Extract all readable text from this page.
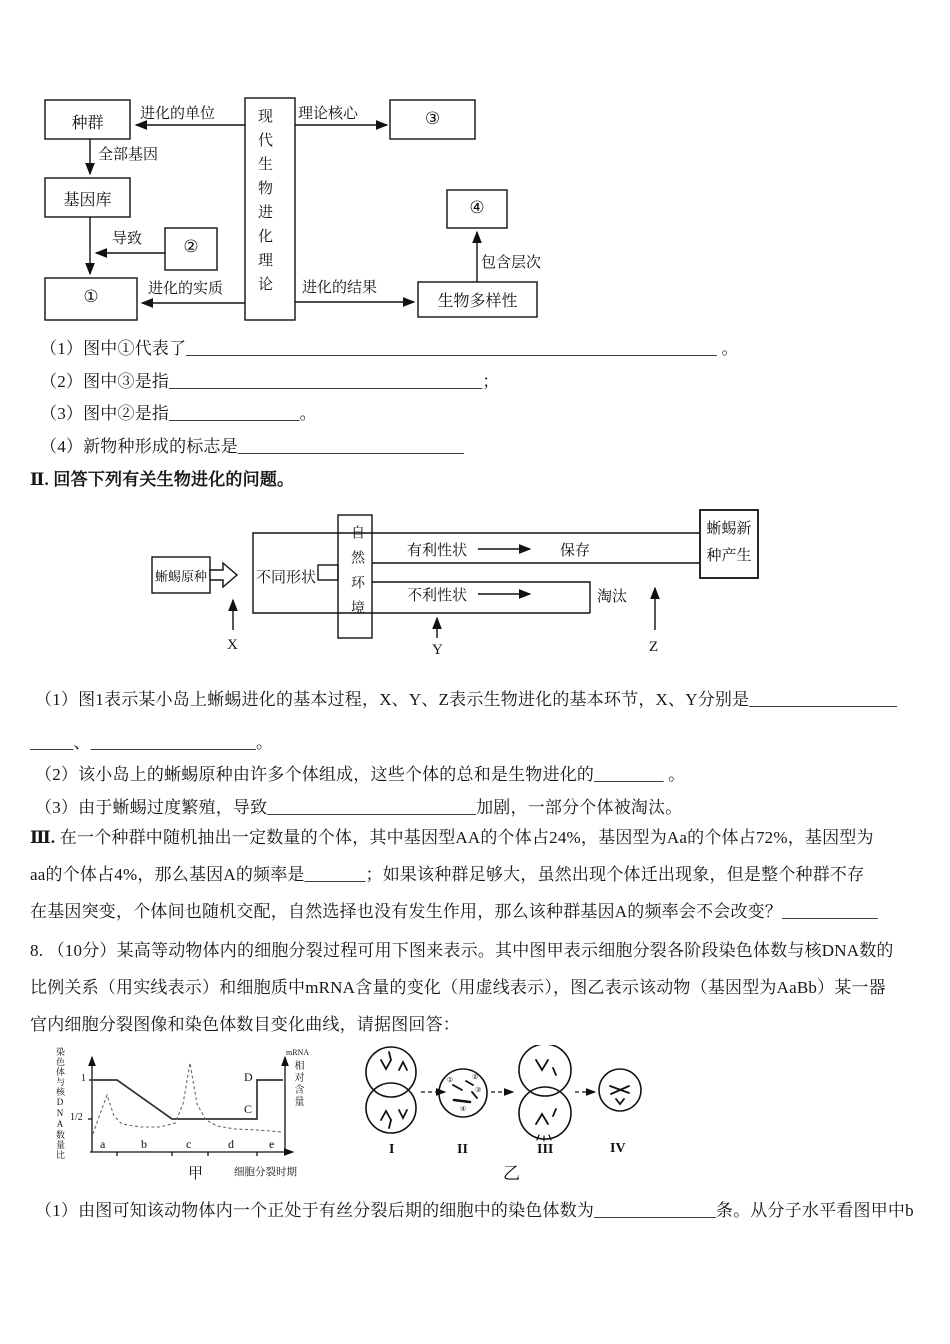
种群
进化的单位	理论核心	③
全部基因
基因库
导致	②
④
包含层次
①	进化的实质	进化的结果
生物多样性
现代生物进化理论
（1）图中①代表了_____________________________________________________________ 。
（2）图中③是指____________________________________；
（3）图中②是指_______________。
（4）新物种形成的标志是__________________________
Ⅱ. 回答下列有关生物进化的问题。
蜥蜴原种	不同形状 自然环境	有利性状	保存
不利性状	淘汰
蜥蜴新种产生
X	Y	Z
（1）图1表示某小岛上蜥蜴进化的基本过程，X、Y、Z表示生物进化的基本环节，X、Y分别是_________________
_____、___________________。
（2）该小岛上的蜥蜴原种由许多个体组成，这些个体的总和是生物进化的________ 。
（3）由于蜥蜴过度繁殖，导致________________________加剧，一部分个体被淘汰。
Ⅲ. 在一个种群中随机抽出一定数量的个体，其中基因型AA的个体占24%，基因型为Aa的个体占72%，基因型为
aa的个体占4%，那么基因A的频率是_______；如果该种群足够大，虽然出现个体迁出现象，但是整个种群不存
在基因突变，个体间也随机交配，自然选择也没有发生作用，那么该种群基因A的频率会不会改变？___________
8. （10分）某高等动物体内的细胞分裂过程可用下图来表示。其中图甲表示细胞分裂各阶段染色体数与核DNA数的
比例关系（用实线表示）和细胞质中mRNA含量的变化（用虚线表示），图乙表示该动物（基因型为AaBb）某一器
官内细胞分裂图像和染色体数目变化曲线，请据图回答：
染色体与核DNA数量比 1
1/2
D
C
a	b	c	d	e
甲	细胞分裂时期
mRNA
相对含量	①	②
③
④
I	II	III	IV
乙
（1）由图可知该动物体内一个正处于有丝分裂后期的细胞中的染色体数为______________条。从分子水平看图甲中b
